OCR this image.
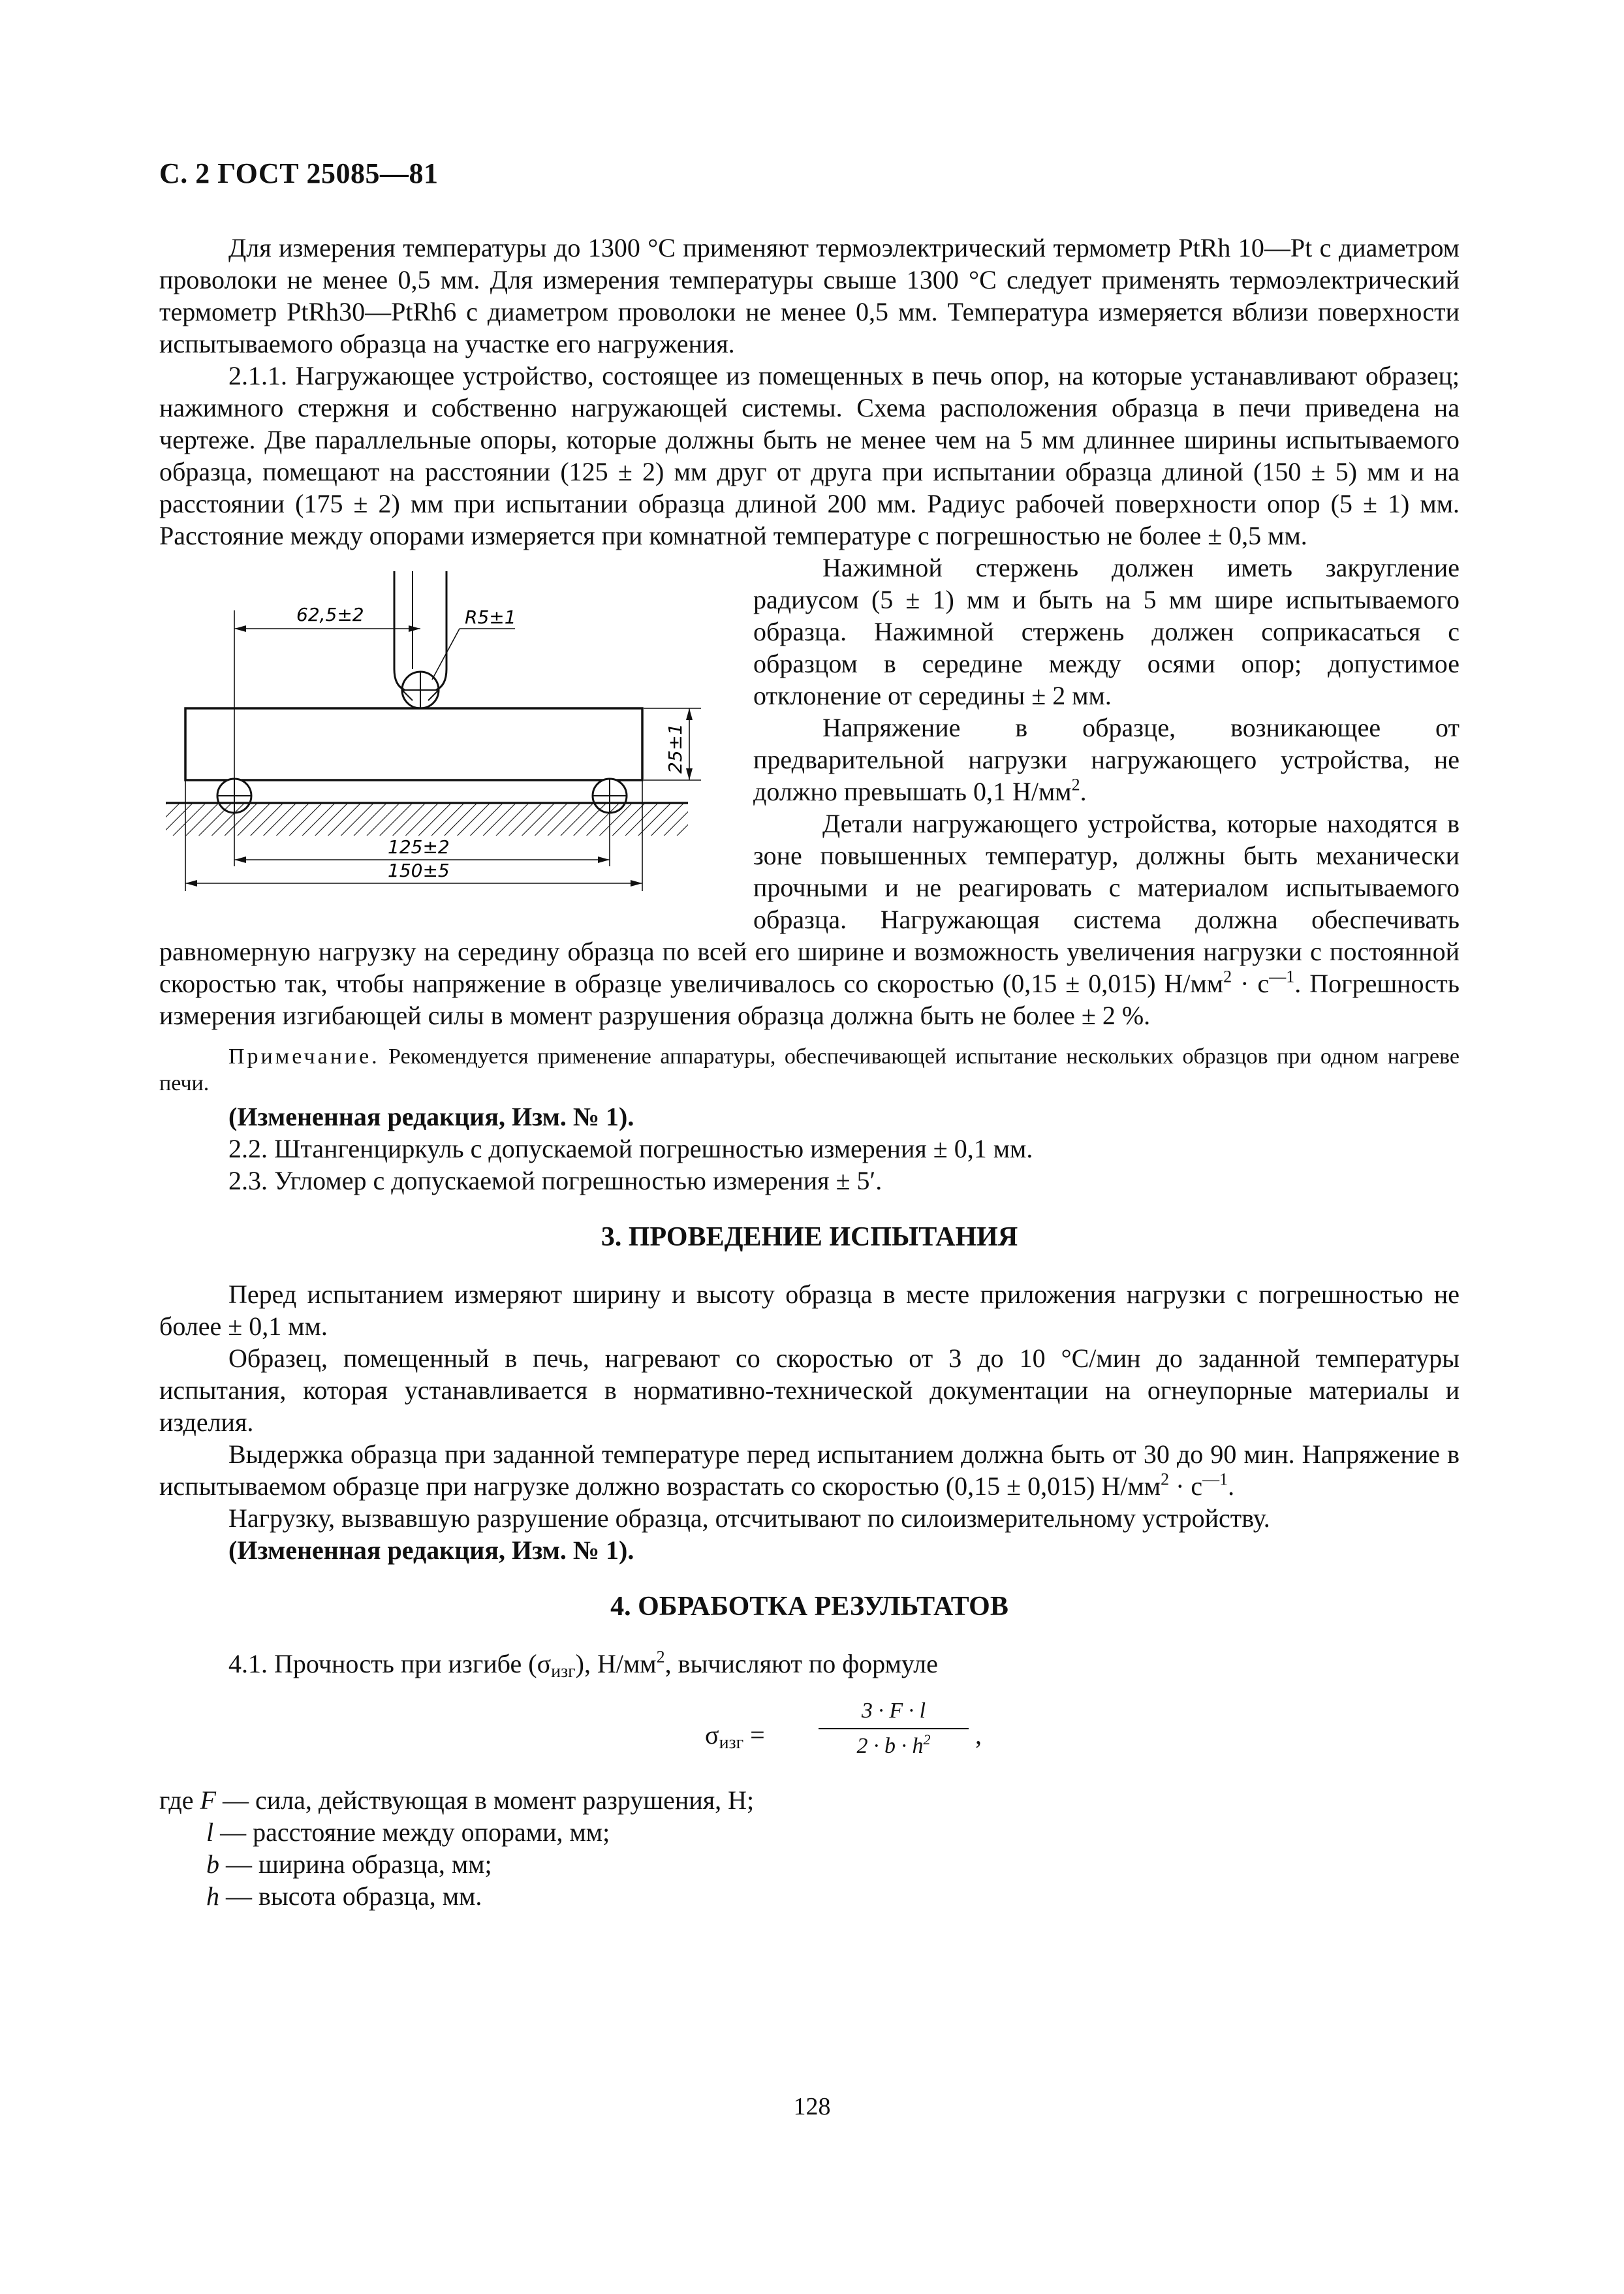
С. 2 ГОСТ 25085—81

Для измерения температуры до 1300 °С применяют термоэлектрический термометр PtRh 10—Pt с диаметром проволоки не менее 0,5 мм. Для измерения температуры свыше 1300 °С следует применять термоэлектрический термометр PtRh30—PtRh6 с диаметром проволоки не менее 0,5 мм. Температура измеряется вблизи поверхности испытываемого образца на участке его нагружения.

2.1.1. Нагружающее устройство, состоящее из помещенных в печь опор, на которые устанавливают образец; нажимного стержня и собственно нагружающей системы. Схема расположения образца в печи приведена на чертеже. Две параллельные опоры, которые должны быть не менее чем на 5 мм длиннее ширины испытываемого образца, помещают на расстоянии (125 ± 2) мм друг от друга при испытании образца длиной (150 ± 5) мм и на расстоянии (175 ± 2) мм при испытании образца длиной 200 мм. Радиус рабочей поверхности опор (5 ± 1) мм. Расстояние между опорами измеряется при комнатной температуре с погрешностью не более ± 0,5 мм.

62,5±2	R5±1
25±1
125±2
150±5

Нажимной стержень должен иметь закругление радиусом (5 ± 1) мм и быть на 5 мм шире испытываемого образца. Нажимной стержень должен соприкасаться с образцом в середине между осями опор; допустимое отклонение от середины ± 2 мм.

Напряжение в образце, возникающее от предварительной нагрузки нагружающего устройства, не должно превышать 0,1 $Н/мм^2$.

Детали нагружающего устройства, которые находятся в зоне повышенных температур, должны быть механически прочными и не реагировать с материалом испытываемого образца. Нагружающая система должна обеспечивать равномерную нагрузку на середину образца по всей его ширине и возможность увеличения нагрузки с постоянной скоростью так, чтобы напряжение в образце увеличивалось со скоростью (0,15 ± 0,015) $Н/мм^2 \cdot с^{—1}$. Погрешность измерения изгибающей силы в момент разрушения образца должна быть не более ± 2 %.

Примечание. Рекомендуется применение аппаратуры, обеспечивающей испытание нескольких образцов при одном нагреве печи.

(Измененная редакция, Изм. № 1).

2.2. Штангенциркуль с допускаемой погрешностью измерения ± 0,1 мм.

2.3. Угломер с допускаемой погрешностью измерения ± 5′.

3. ПРОВЕДЕНИЕ ИСПЫТАНИЯ

Перед испытанием измеряют ширину и высоту образца в месте приложения нагрузки с погрешностью не более ± 0,1 мм.

Образец, помещенный в печь, нагревают со скоростью от 3 до 10 °С/мин до заданной температуры испытания, которая устанавливается в нормативно-технической документации на огнеупорные материалы и изделия.

Выдержка образца при заданной температуре перед испытанием должна быть от 30 до 90 мин. Напряжение в испытываемом образце при нагрузке должно возрастать со скоростью (0,15 ± 0,015) $Н/мм^2 \cdot с^{—1}$.

Нагрузку, вызвавшую разрушение образца, отсчитывают по силоизмерительному устройству.

(Измененная редакция, Изм. № 1).

4. ОБРАБОТКА РЕЗУЛЬТАТОВ

4.1. Прочность при изгибе $(\sigma_{изг})$, $Н/мм^2$, вычисляют по формуле

$\sigma_{изг}$ =
3 · F · l
$2 \cdot b \cdot h^2$	,
где F — сила, действующая в момент разрушения, Н;
l — расстояние между опорами, мм;
b — ширина образца, мм;
h — высота образца, мм.
128
